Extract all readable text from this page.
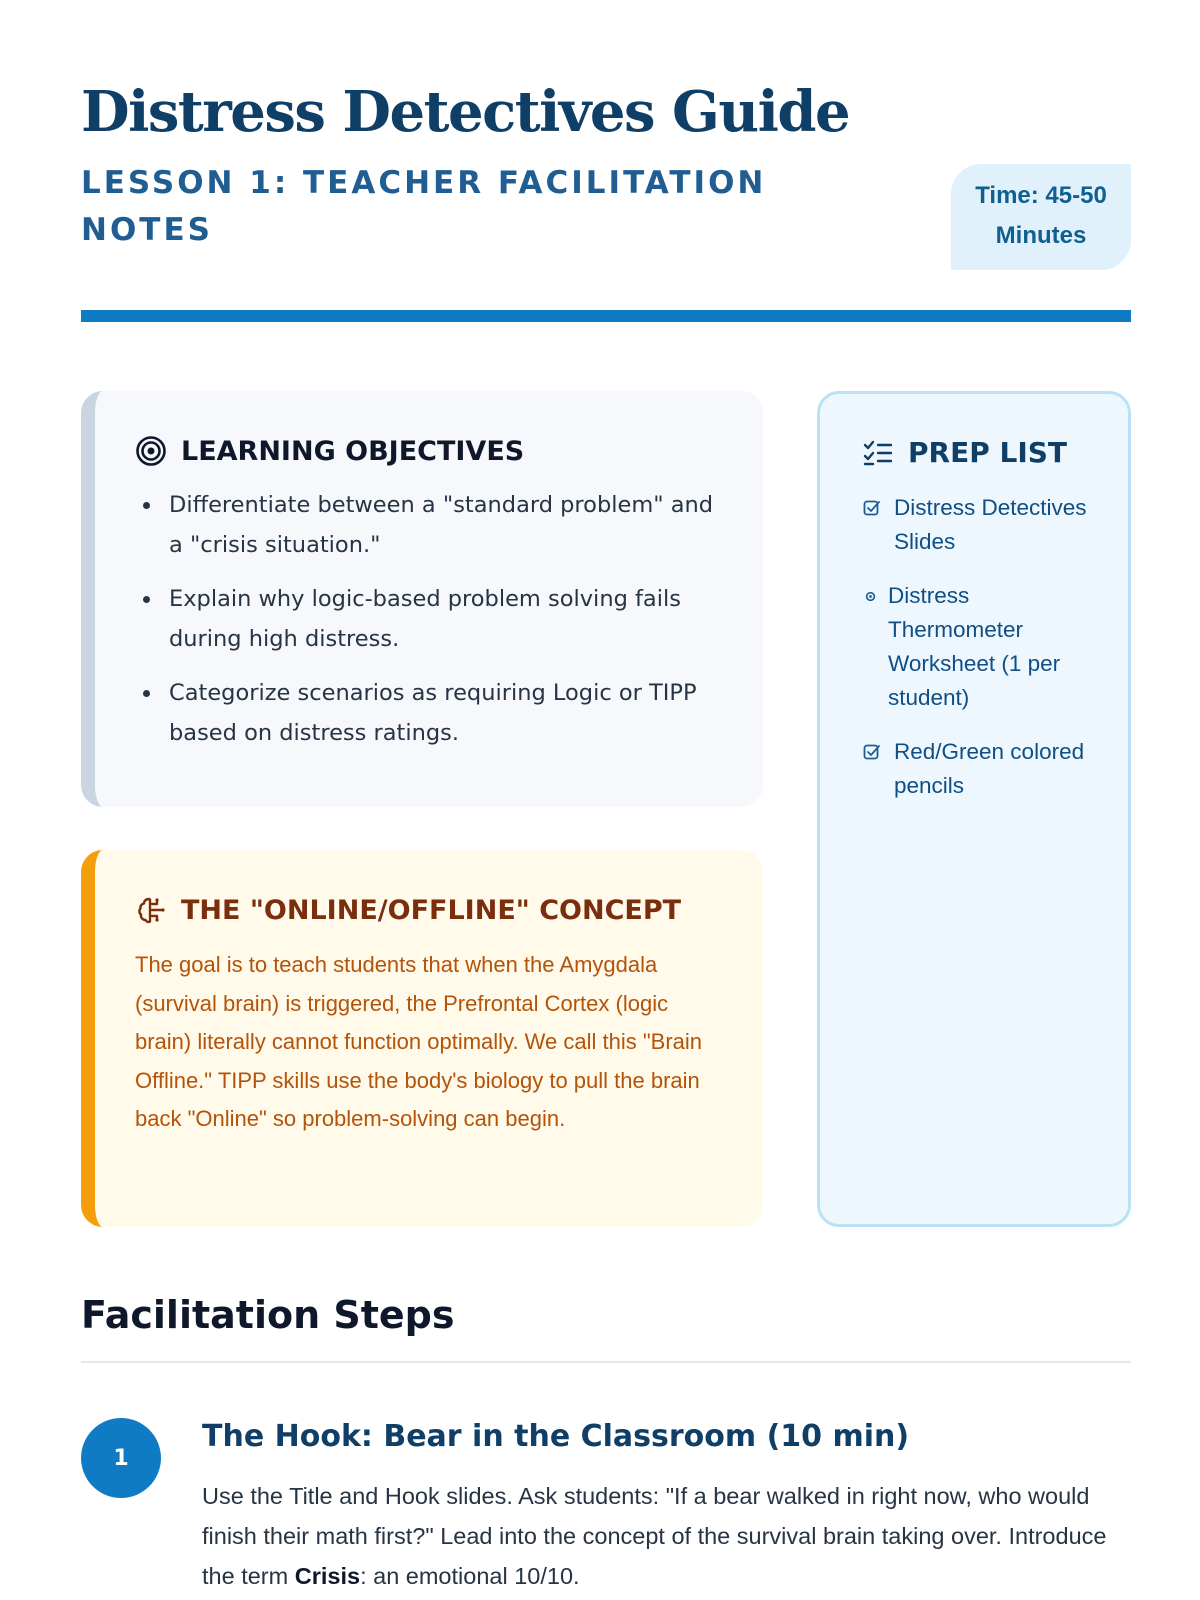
Distress Detectives Guide
LESSON 1: TEACHER FACILITATION NOTES
Time: 45-50 Minutes
LEARNING OBJECTIVES
Differentiate between a "standard problem" and a "crisis situation."
Explain why logic-based problem solving fails during high distress.
Categorize scenarios as requiring Logic or TIPP based on distress ratings.
THE "ONLINE/OFFLINE" CONCEPT

The goal is to teach students that when the Amygdala (survival brain) is triggered, the Prefrontal Cortex (logic brain) literally cannot function optimally. We call this "Brain Offline." TIPP skills use the body's biology to pull the brain back "Online" so problem-solving can begin.

PREP LIST
Distress Detectives Slides
Distress Thermometer Worksheet (1 per student)
Red/Green colored pencils
Facilitation Steps
1
The Hook: Bear in the Classroom (10 min)

Use the Title and Hook slides. Ask students: "If a bear walked in right now, who would finish their math first?" Lead into the concept of the survival brain taking over. Introduce the term Crisis: an emotional 10/10.
